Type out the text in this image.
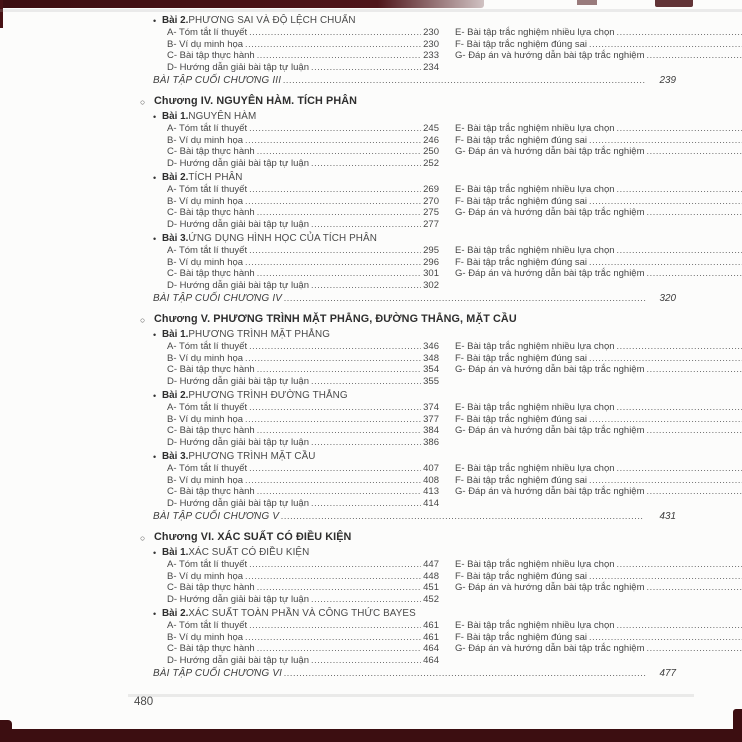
• Bài 2. PHƯƠNG SAI VÀ ĐỘ LỆCH CHUẨN
A- Tóm tắt lí thuyết .....	230
B- Ví dụ minh họa .....	230
C- Bài tập thực hành .....	233
D- Hướng dẫn giải bài tập tự luận .....	234
E- Bài tập trắc nghiệm nhiều lựa chọn
.....
F- Bài tập trắc nghiệm đúng sai
.....
G- Đáp án và hướng dẫn bài tập trắc nghiệm
.....
BÀI TẬP CUỐI CHƯƠNG III .....	239
○ Chương IV. NGUYÊN HÀM. TÍCH PHÂN
• Bài 1. NGUYÊN HÀM
A- Tóm tắt lí thuyết .....	245
B- Ví dụ minh họa .....	246
C- Bài tập thực hành .....	250
D- Hướng dẫn giải bài tập tự luận .....	252
E- Bài tập trắc nghiệm nhiều lựa chọn
.....
F- Bài tập trắc nghiệm đúng sai
.....
G- Đáp án và hướng dẫn bài tập trắc nghiệm
.....
• Bài 2. TÍCH PHÂN
A- Tóm tắt lí thuyết .....	269
B- Ví dụ minh họa .....	270
C- Bài tập thực hành .....	275
D- Hướng dẫn giải bài tập tự luận .....	277
E- Bài tập trắc nghiệm nhiều lựa chọn
.....
F- Bài tập trắc nghiệm đúng sai
.....
G- Đáp án và hướng dẫn bài tập trắc nghiệm
.....
• Bài 3. ỨNG DỤNG HÌNH HỌC CỦA TÍCH PHÂN
A- Tóm tắt lí thuyết .....	295
B- Ví dụ minh họa .....	296
C- Bài tập thực hành .....	301
D- Hướng dẫn giải bài tập tự luận .....	302
E- Bài tập trắc nghiệm nhiều lựa chọn
.....
F- Bài tập trắc nghiệm đúng sai
.....
G- Đáp án và hướng dẫn bài tập trắc nghiệm
.....
BÀI TẬP CUỐI CHƯƠNG IV .....	320
○ Chương V. PHƯƠNG TRÌNH MẶT PHẲNG, ĐƯỜNG THẲNG, MẶT CẦU
• Bài 1. PHƯƠNG TRÌNH MẶT PHẲNG
A- Tóm tắt lí thuyết .....	346
B- Ví dụ minh họa .....	348
C- Bài tập thực hành .....	354
D- Hướng dẫn giải bài tập tự luận .....	355
E- Bài tập trắc nghiệm nhiều lựa chọn
.....
F- Bài tập trắc nghiệm đúng sai
.....
G- Đáp án và hướng dẫn bài tập trắc nghiệm
.....
• Bài 2. PHƯƠNG TRÌNH ĐƯỜNG THẲNG
A- Tóm tắt lí thuyết .....	374
B- Ví dụ minh họa .....	377
C- Bài tập thực hành .....	384
D- Hướng dẫn giải bài tập tự luận .....	386
E- Bài tập trắc nghiệm nhiều lựa chọn
.....
F- Bài tập trắc nghiệm đúng sai
.....
G- Đáp án và hướng dẫn bài tập trắc nghiệm
.....
• Bài 3. PHƯƠNG TRÌNH MẶT CẦU
A- Tóm tắt lí thuyết .....	407
B- Ví dụ minh họa .....	408
C- Bài tập thực hành .....	413
D- Hướng dẫn giải bài tập tự luận .....	414
E- Bài tập trắc nghiệm nhiều lựa chọn
.....
F- Bài tập trắc nghiệm đúng sai
.....
G- Đáp án và hướng dẫn bài tập trắc nghiệm
.....
BÀI TẬP CUỐI CHƯƠNG V .....	431
○ Chương VI. XÁC SUẤT CÓ ĐIỀU KIỆN
• Bài 1. XÁC SUẤT CÓ ĐIỀU KIỆN
A- Tóm tắt lí thuyết .....	447
B- Ví dụ minh họa .....	448
C- Bài tập thực hành .....	451
D- Hướng dẫn giải bài tập tự luận .....	452
E- Bài tập trắc nghiệm nhiều lựa chọn
.....
F- Bài tập trắc nghiệm đúng sai
.....
G- Đáp án và hướng dẫn bài tập trắc nghiệm
.....
• Bài 2. XÁC SUẤT TOÀN PHẦN VÀ CÔNG THỨC BAYES
A- Tóm tắt lí thuyết .....	461
B- Ví dụ minh họa .....	461
C- Bài tập thực hành .....	464
D- Hướng dẫn giải bài tập tự luận .....	464
E- Bài tập trắc nghiệm nhiều lựa chọn
.....
F- Bài tập trắc nghiệm đúng sai
.....
G- Đáp án và hướng dẫn bài tập trắc nghiệm
.....
BÀI TẬP CUỐI CHƯƠNG VI .....	477
480
